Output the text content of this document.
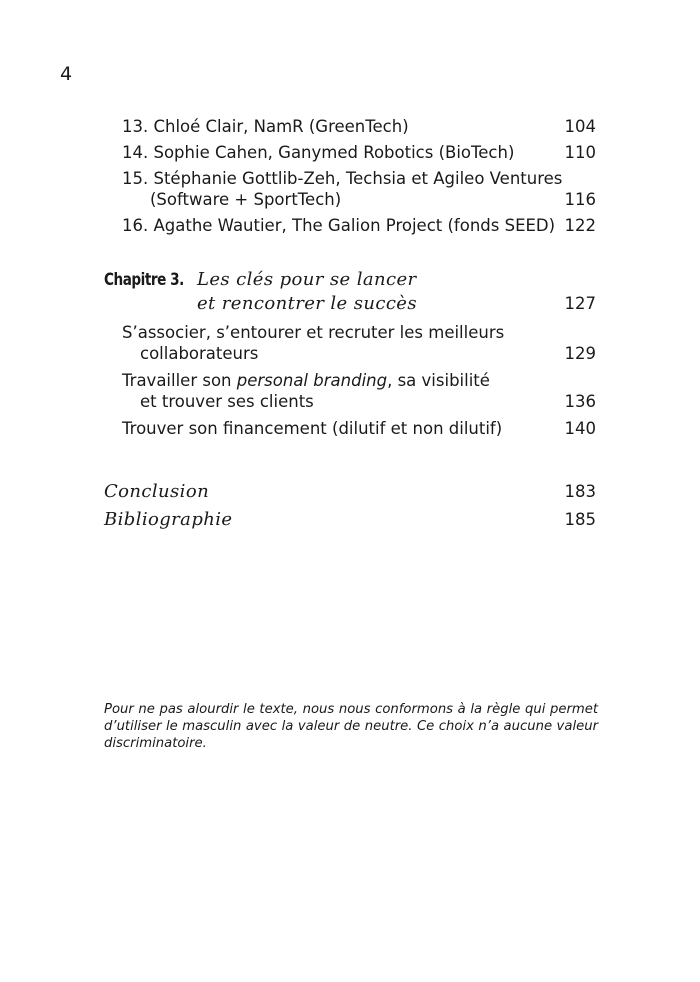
4
13. Chloé Clair, NamR (GreenTech)	104
14. Sophie Cahen, Ganymed Robotics (BioTech)	110
15. Stéphanie Gottlib-Zeh, Techsia et Agileo Ventures
(Software + SportTech)	116
16. Agathe Wautier, The Galion Project (fonds SEED) 122
Chapitre 3. Les clés pour se lancer
et rencontrer le succès	127
S’associer, s’entourer et recruter les meilleurs
collaborateurs	129
Travailler son personal branding, sa visibilité
et trouver ses clients	136
Trouver son financement (dilutif et non dilutif)	140
Conclusion	183
Bibliographie	185
Pour ne pas alourdir le texte, nous nous conformons à la règle qui permet d’utiliser le masculin avec la valeur de neutre. Ce choix n’a aucune valeur discriminatoire.
